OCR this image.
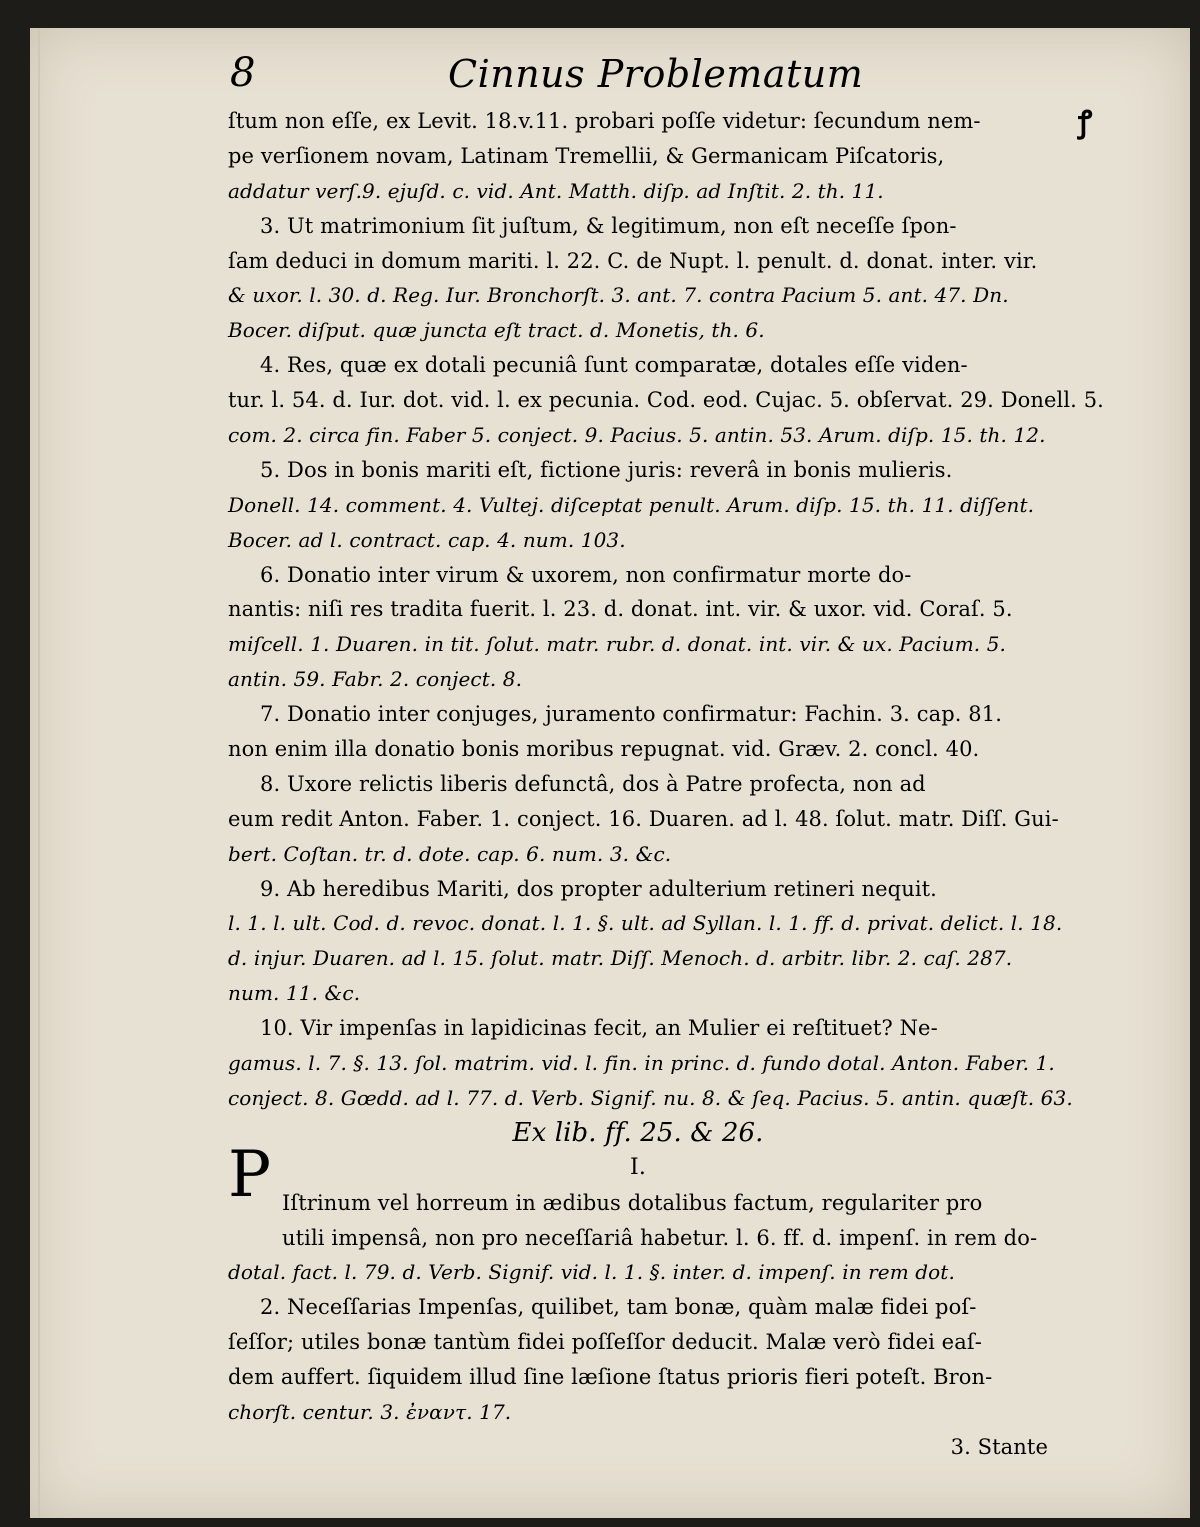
8	Cinnus Problematum
ꝭ
ſtum non eſſe, ex Levit. 18.v.11. probari poſſe videtur: ſecundum nem-
pe verſionem novam, Latinam Tremellii, & Germanicam Piſcatoris,
addatur verſ.9. ejuſd. c. vid. Ant. Matth. diſp. ad Inſtit. 2. th. 11.
3. Ut matrimonium ſit juſtum, & legitimum, non eſt neceſſe ſpon-
ſam deduci in domum mariti. l. 22. C. de Nupt. l. penult. d. donat. inter. vir.
& uxor. l. 30. d. Reg. Iur. Bronchorſt. 3. ant. 7. contra Pacium 5. ant. 47. Dn.
Bocer. diſput. quæ juncta eſt tract. d. Monetis, th. 6.
4. Res, quæ ex dotali pecuniâ ſunt comparatæ, dotales eſſe viden-
tur. l. 54. d. Iur. dot. vid. l. ex pecunia. Cod. eod. Cujac. 5. obſervat. 29. Donell. 5.
com. 2. circa fin. Faber 5. conject. 9. Pacius. 5. antin. 53. Arum. diſp. 15. th. 12.
5. Dos in bonis mariti eſt, fictione juris: reverâ in bonis mulieris.
Donell. 14. comment. 4. Vultej. diſceptat penult. Arum. diſp. 15. th. 11. diſſent.
Bocer. ad l. contract. cap. 4. num. 103.
6. Donatio inter virum & uxorem, non confirmatur morte do-
nantis: niſi res tradita fuerit. l. 23. d. donat. int. vir. & uxor. vid. Coraſ. 5.
miſcell. 1. Duaren. in tit. ſolut. matr. rubr. d. donat. int. vir. & ux. Pacium. 5.
antin. 59. Fabr. 2. conject. 8.
7. Donatio inter conjuges, juramento confirmatur: Fachin. 3. cap. 81.
non enim illa donatio bonis moribus repugnat. vid. Græv. 2. concl. 40.
8. Uxore relictis liberis defunctâ, dos à Patre profecta, non ad
eum redit Anton. Faber. 1. conject. 16. Duaren. ad l. 48. ſolut. matr. Diſſ. Gui-
bert. Coſtan. tr. d. dote. cap. 6. num. 3. &c.
9. Ab heredibus Mariti, dos propter adulterium retineri nequit.
l. 1. l. ult. Cod. d. revoc. donat. l. 1. §. ult. ad Syllan. l. 1. ff. d. privat. delict. l. 18.
d. injur. Duaren. ad l. 15. ſolut. matr. Diſſ. Menoch. d. arbitr. libr. 2. caſ. 287.
num. 11. &c.
10. Vir impenſas in lapidicinas fecit, an Mulier ei reſtituet? Ne-
gamus. l. 7. §. 13. ſol. matrim. vid. l. fin. in princ. d. fundo dotal. Anton. Faber. 1.
conject. 8. Gœdd. ad l. 77. d. Verb. Signif. nu. 8. & ſeq. Pacius. 5. antin. quæſt. 63.
Ex lib. ff. 25. & 26.
I.
Iſtrinum vel horreum in ædibus dotalibus factum, regulariter pro
utili impensâ, non pro neceſſariâ habetur. l. 6. ff. d. impenſ. in rem do-
dotal. fact. l. 79. d. Verb. Signif. vid. l. 1. §. inter. d. impenſ. in rem dot.
2. Neceſſarias Impenſas, quilibet, tam bonæ, quàm malæ fidei poſ-
ſeſſor; utiles bonæ tantùm fidei poſſeſſor deducit. Malæ verò fidei eaſ-
dem auffert. ſiquidem illud ſine læſione ſtatus prioris fieri poteſt. Bron-
chorſt. centur. 3. ἐναντ. 17.
3. Stante
P
